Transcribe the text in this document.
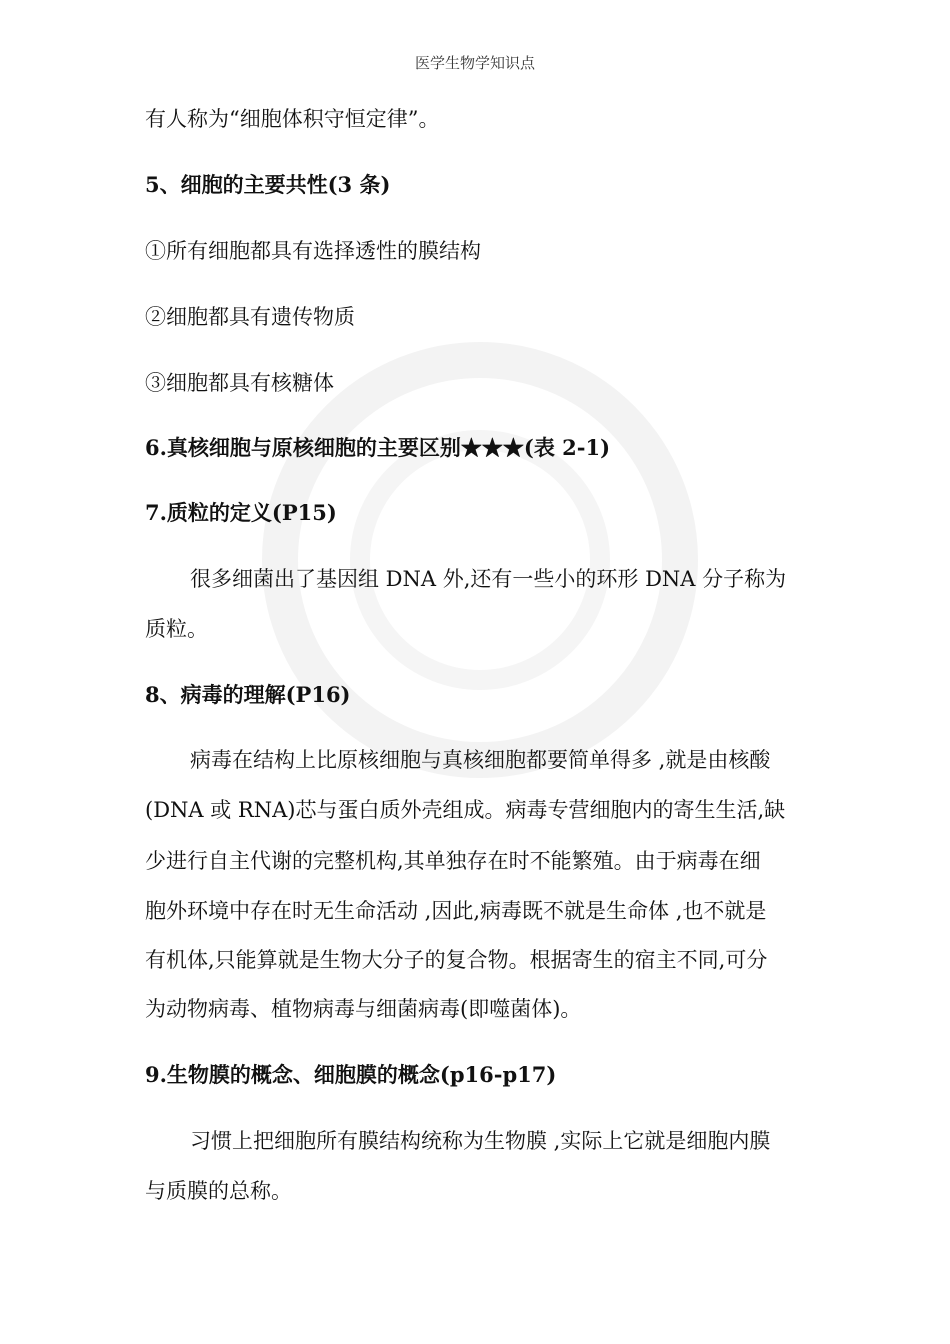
医学生物学知识点
有人称为“细胞体积守恒定律”。
5、细胞的主要共性(3 条)
①所有细胞都具有选择透性的膜结构
②细胞都具有遗传物质
③细胞都具有核糖体
6.真核细胞与原核细胞的主要区别★★★(表 2-1)
7.质粒的定义(P15)
很多细菌出了基因组 DNA 外,还有一些小的环形 DNA 分子称为
质粒。
8、病毒的理解(P16)
病毒在结构上比原核细胞与真核细胞都要简单得多 ,就是由核酸
(DNA 或 RNA)芯与蛋白质外壳组成。病毒专营细胞内的寄生生活,缺
少进行自主代谢的完整机构,其单独存在时不能繁殖。由于病毒在细
胞外环境中存在时无生命活动 ,因此,病毒既不就是生命体 ,也不就是
有机体,只能算就是生物大分子的复合物。根据寄生的宿主不同,可分
为动物病毒、植物病毒与细菌病毒(即噬菌体)。
9.生物膜的概念、细胞膜的概念(p16-p17)
习惯上把细胞所有膜结构统称为生物膜 ,实际上它就是细胞内膜
与质膜的总称。
